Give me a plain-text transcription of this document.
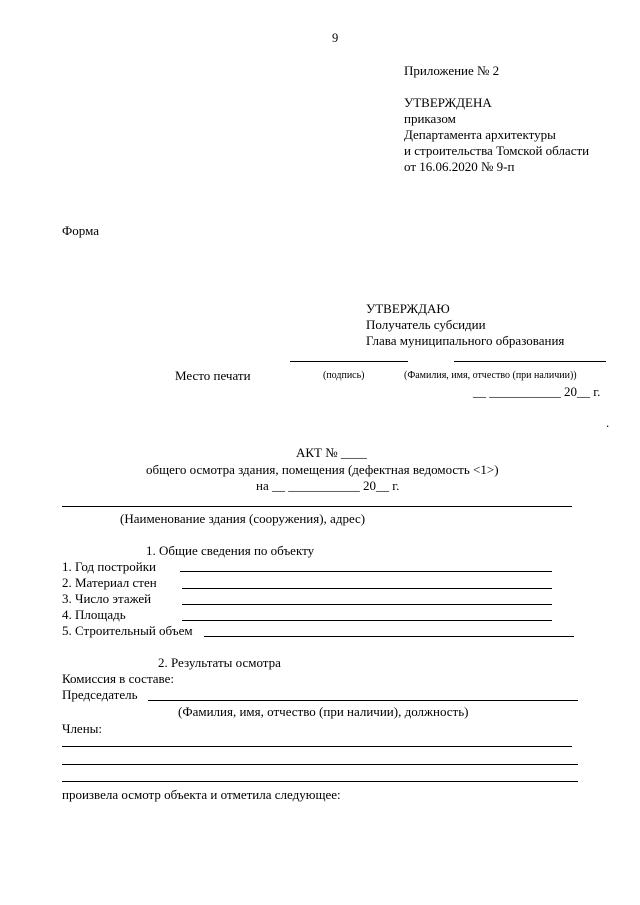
9
Приложение № 2
УТВЕРЖДЕНА
приказом
Департамента архитектуры
и строительства Томской области
от 16.06.2020 № 9-п
Форма
УТВЕРЖДАЮ
Получатель субсидии
Глава муниципального образования
Место печати	(подпись)	(Фамилия, имя, отчество (при наличии))
__ ___________ 20__ г.
.
АКТ № ____
общего осмотра здания, помещения (дефектная ведомость <1>)
на __ ___________ 20__ г.
(Наименование здания (сооружения), адрес)
1. Общие сведения по объекту
1. Год постройки
2. Материал стен
3. Число этажей
4. Площадь
5. Строительный объем
2. Результаты осмотра
Комиссия в составе:
Председатель
(Фамилия, имя, отчество (при наличии), должность)
Члены:
произвела осмотр объекта и отметила следующее:
